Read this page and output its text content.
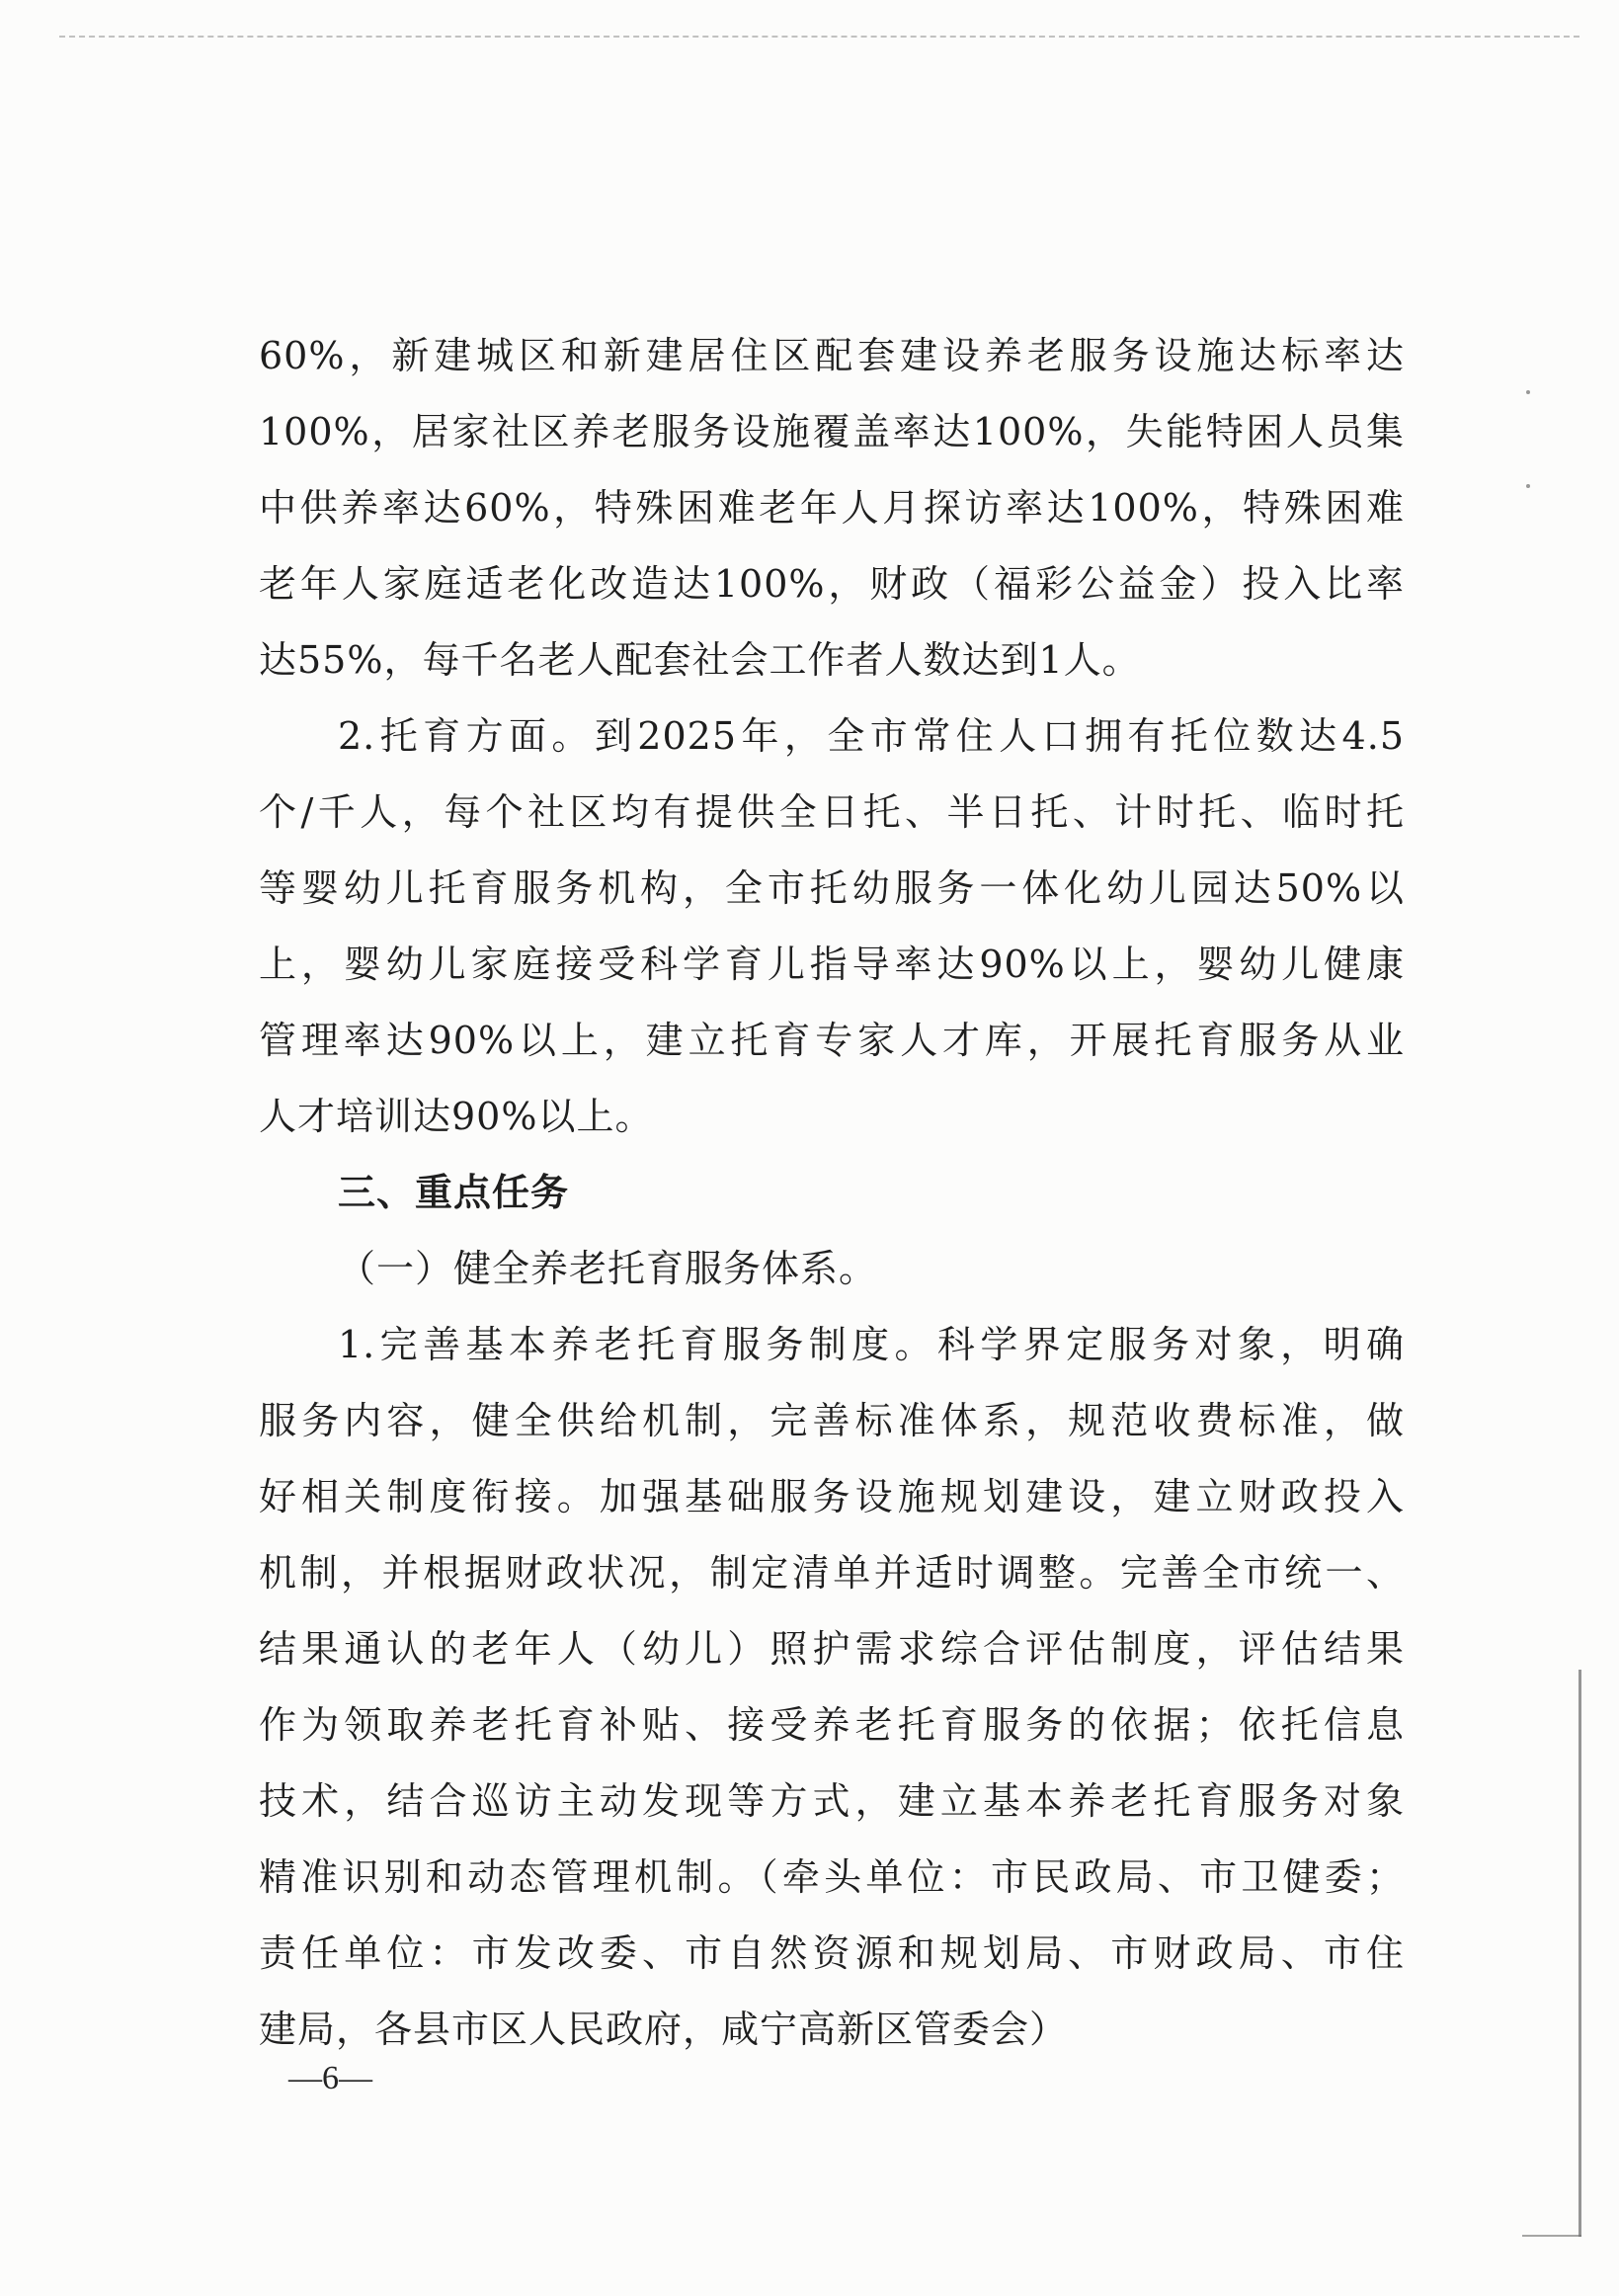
60%，新建城区和新建居住区配套建设养老服务设施达标率达
100%，居家社区养老服务设施覆盖率达100%，失能特困人员集
中供养率达60%，特殊困难老年人月探访率达100%，特殊困难
老年人家庭适老化改造达100%，财政（福彩公益金）投入比率
达55%，每千名老人配套社会工作者人数达到1人。
2.托育方面。到2025年，全市常住人口拥有托位数达4.5
个/千人，每个社区均有提供全日托、半日托、计时托、临时托
等婴幼儿托育服务机构，全市托幼服务一体化幼儿园达50%以
上，婴幼儿家庭接受科学育儿指导率达90%以上，婴幼儿健康
管理率达90%以上，建立托育专家人才库，开展托育服务从业
人才培训达90%以上。
三、重点任务
（一）健全养老托育服务体系。
1.完善基本养老托育服务制度。科学界定服务对象，明确
服务内容，健全供给机制，完善标准体系，规范收费标准，做
好相关制度衔接。加强基础服务设施规划建设，建立财政投入
机制，并根据财政状况，制定清单并适时调整。完善全市统一、
结果通认的老年人（幼儿）照护需求综合评估制度，评估结果
作为领取养老托育补贴、接受养老托育服务的依据；依托信息
技术，结合巡访主动发现等方式，建立基本养老托育服务对象
精准识别和动态管理机制。（牵头单位：市民政局、市卫健委；
责任单位：市发改委、市自然资源和规划局、市财政局、市住
建局，各县市区人民政府，咸宁高新区管委会）
—6—
